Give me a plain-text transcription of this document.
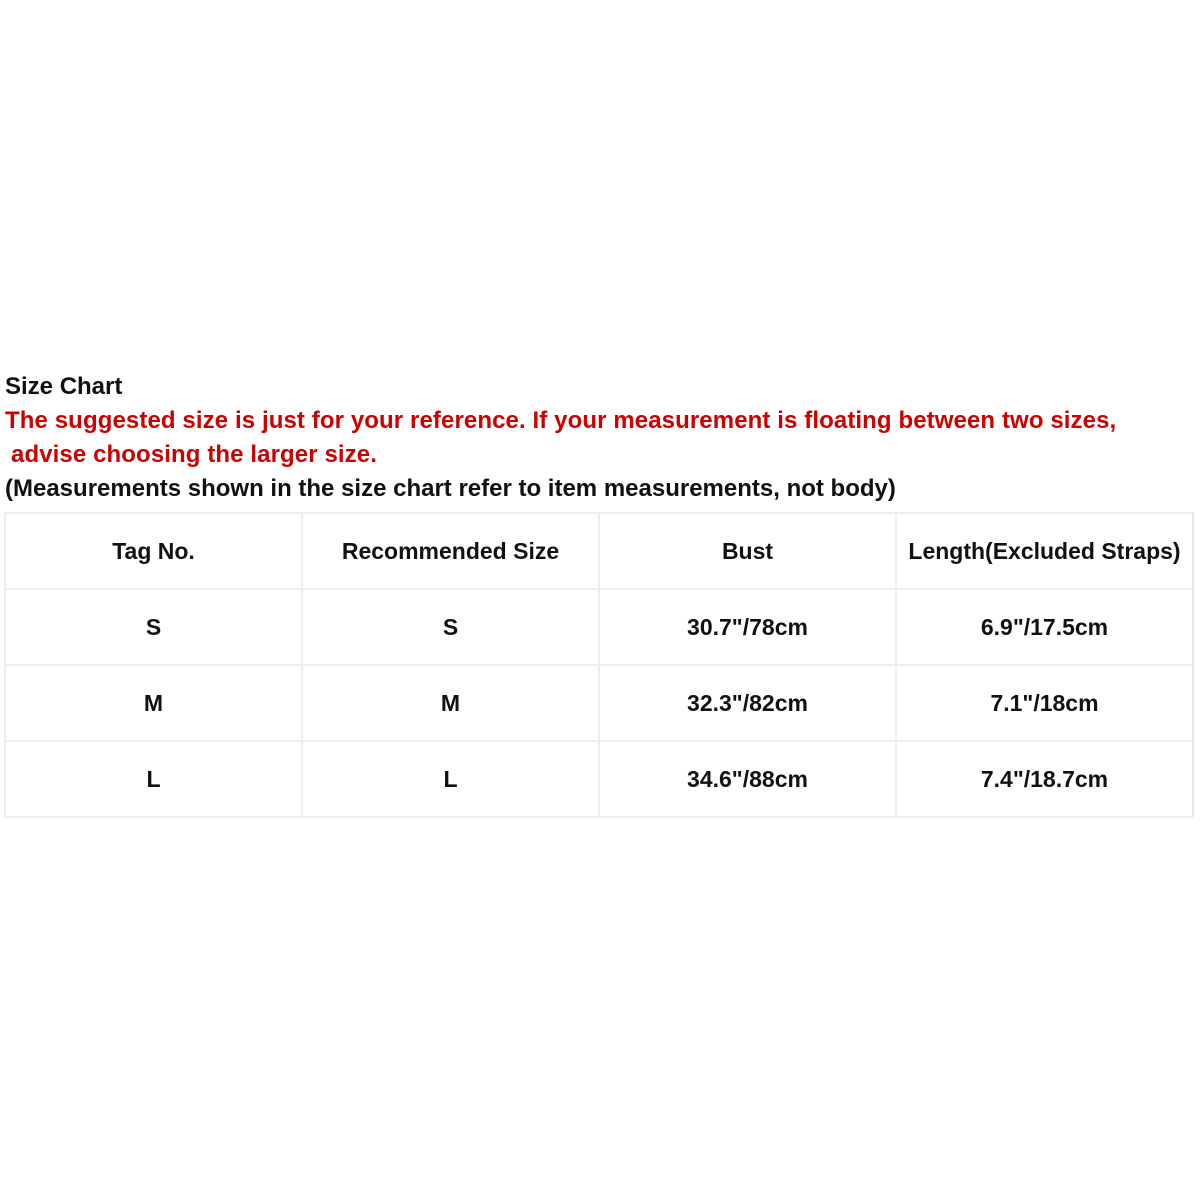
Size Chart
The suggested size is just for your reference. If your measurement is floating between two sizes,
advise choosing the larger size.
(Measurements shown in the size chart refer to item measurements, not body)
Tag No.	Recommended Size	Bust	Length(Excluded Straps)
S	S	30.7"/78cm	6.9"/17.5cm
M	M	32.3"/82cm	7.1"/18cm
L	L	34.6"/88cm	7.4"/18.7cm
